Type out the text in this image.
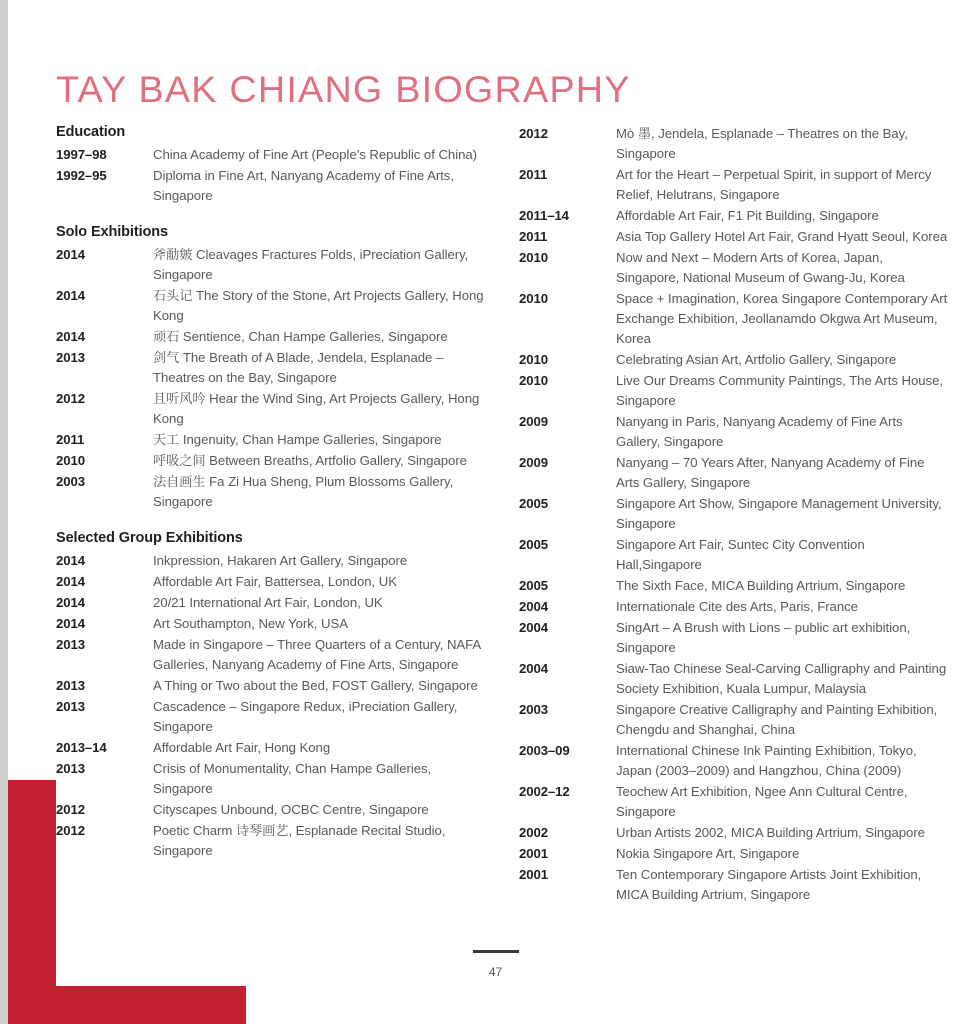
TAY BAK CHIANG BIOGRAPHY
Education
1997–98	China Academy of Fine Art (People’s Republic of China)
1992–95	Diploma in Fine Art, Nanyang Academy of Fine Arts, Singapore
Solo Exhibitions
2014	斧勈皴 Cleavages Fractures Folds, iPreciation Gallery, Singapore
2014	石头记 The Story of the Stone, Art Projects Gallery, Hong Kong
2014	顽石 Sentience, Chan Hampe Galleries, Singapore
2013	剑气 The Breath of A Blade, Jendela, Esplanade – Theatres on the Bay, Singapore
2012	且听风吟 Hear the Wind Sing, Art Projects Gallery, Hong Kong
2011	天工 Ingenuity, Chan Hampe Galleries, Singapore
2010	呼吸之间 Between Breaths, Artfolio Gallery, Singapore
2003	法自画生 Fa Zi Hua Sheng, Plum Blossoms Gallery, Singapore
Selected Group Exhibitions
2014	Inkpression, Hakaren Art Gallery, Singapore
2014	Affordable Art Fair, Battersea, London, UK
2014	20/21 International Art Fair, London, UK
2014	Art Southampton, New York, USA
2013	Made in Singapore – Three Quarters of a Century, NAFA Galleries, Nanyang Academy of Fine Arts, Singapore
2013	A Thing or Two about the Bed, FOST Gallery, Singapore
2013	Cascadence – Singapore Redux, iPreciation Gallery, Singapore
2013–14	Affordable Art Fair, Hong Kong
2013	Crisis of Monumentality, Chan Hampe Galleries, Singapore
2012	Cityscapes Unbound, OCBC Centre, Singapore
2012	Poetic Charm 诗琴画艺, Esplanade Recital Studio, Singapore
2012	Mò 墨, Jendela, Esplanade – Theatres on the Bay, Singapore
2011	Art for the Heart – Perpetual Spirit, in support of Mercy Relief, Helutrans, Singapore
2011–14	Affordable Art Fair, F1 Pit Building, Singapore
2011	Asia Top Gallery Hotel Art Fair, Grand Hyatt Seoul, Korea
2010	Now and Next – Modern Arts of Korea, Japan, Singapore, National Museum of Gwang-Ju, Korea
2010	Space + Imagination, Korea Singapore Contemporary Art Exchange Exhibition, Jeollanamdo Okgwa Art Museum, Korea
2010	Celebrating Asian Art, Artfolio Gallery, Singapore
2010	Live Our Dreams Community Paintings, The Arts House, Singapore
2009	Nanyang in Paris, Nanyang Academy of Fine Arts Gallery, Singapore
2009	Nanyang – 70 Years After, Nanyang Academy of Fine Arts Gallery, Singapore
2005	Singapore Art Show, Singapore Management University, Singapore
2005	Singapore Art Fair, Suntec City Convention Hall,Singapore
2005	The Sixth Face, MICA Building Artrium, Singapore
2004	Internationale Cite des Arts, Paris, France
2004	SingArt – A Brush with Lions – public art exhibition, Singapore
2004	Siaw-Tao Chinese Seal-Carving Calligraphy and Painting Society Exhibition, Kuala Lumpur, Malaysia
2003	Singapore Creative Calligraphy and Painting Exhibition, Chengdu and Shanghai, China
2003–09	International Chinese Ink Painting Exhibition, Tokyo, Japan (2003–2009) and Hangzhou, China (2009)
2002–12	Teochew Art Exhibition, Ngee Ann Cultural Centre, Singapore
2002	Urban Artists 2002, MICA Building Artrium, Singapore
2001	Nokia Singapore Art, Singapore
2001	Ten Contemporary Singapore Artists Joint Exhibition, MICA Building Artrium, Singapore
47
